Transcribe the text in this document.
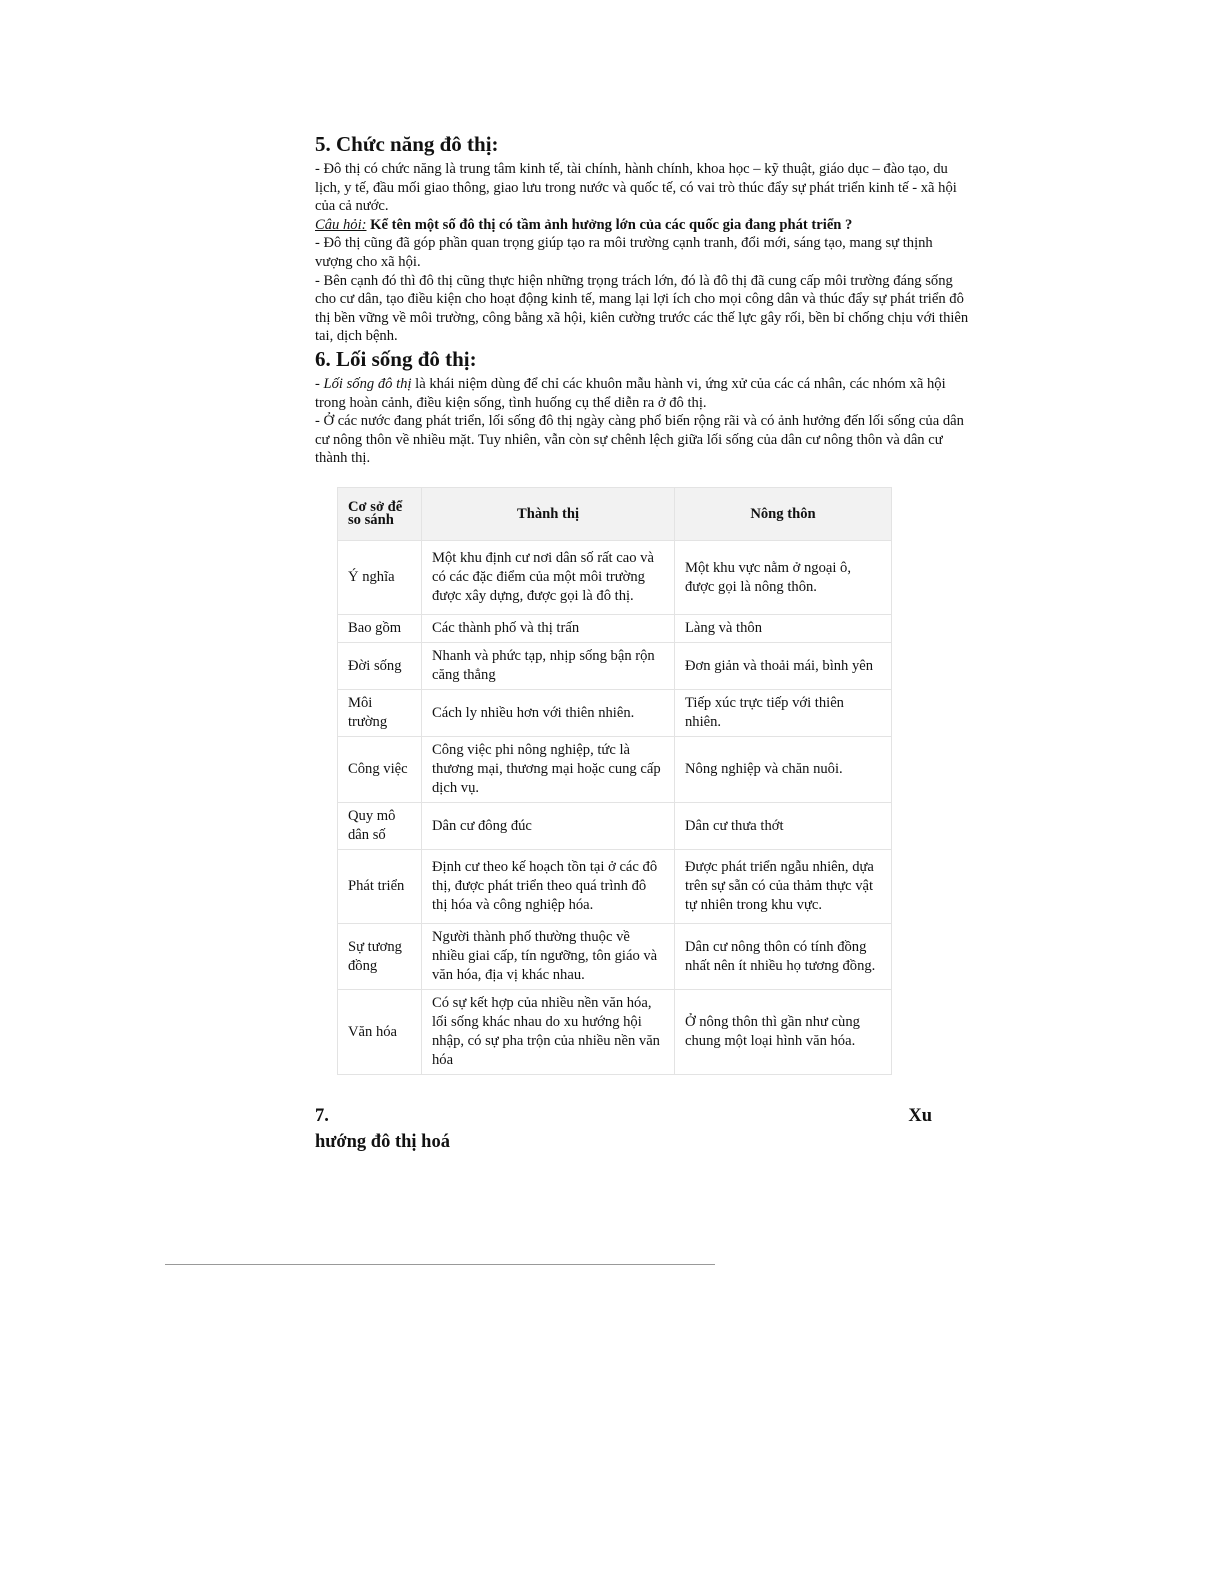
5. Chức năng đô thị:

- Đô thị có chức năng là trung tâm kinh tế, tài chính, hành chính, khoa học – kỹ thuật, giáo dục – đào tạo, du lịch, y tế, đầu mối giao thông, giao lưu trong nước và quốc tế, có vai trò thúc đẩy sự phát triển kinh tế - xã hội của cả nước.

Câu hỏi: Kể tên một số đô thị có tầm ảnh hưởng lớn của các quốc gia đang phát triển ?

- Đô thị cũng đã góp phần quan trọng giúp tạo ra môi trường cạnh tranh, đổi mới, sáng tạo, mang sự thịnh vượng cho xã hội.

- Bên cạnh đó thì đô thị cũng thực hiện những trọng trách lớn, đó là đô thị đã cung cấp môi trường đáng sống cho cư dân, tạo điều kiện cho hoạt động kinh tế, mang lại lợi ích cho mọi công dân và thúc đẩy sự phát triển đô thị bền vững về môi trường, công bằng xã hội, kiên cường trước các thế lực gây rối, bền bỉ chống chịu với thiên tai, dịch bệnh.

6. Lối sống đô thị:

- Lối sống đô thị là khái niệm dùng để chỉ các khuôn mẫu hành vi, ứng xử của các cá nhân, các nhóm xã hội trong hoàn cảnh, điều kiện sống, tình huống cụ thể diễn ra ở đô thị.

- Ở các nước đang phát triển, lối sống đô thị ngày càng phổ biến rộng rãi và có ảnh hưởng đến lối sống của dân cư nông thôn về nhiều mặt. Tuy nhiên, vẫn còn sự chênh lệch giữa lối sống của dân cư nông thôn và dân cư thành thị.

Cơ sở để so sánh	Thành thị	Nông thôn
Ý nghĩa	Một khu định cư nơi dân số rất cao và có các đặc điểm của một môi trường được xây dựng, được gọi là đô thị.	Một khu vực nằm ở ngoại ô, được gọi là nông thôn.
Bao gồm	Các thành phố và thị trấn	Làng và thôn
Đời sống	Nhanh và phức tạp, nhịp sống bận rộn căng thẳng	Đơn giản và thoải mái, bình yên
Môi trường	Cách ly nhiều hơn với thiên nhiên.	Tiếp xúc trực tiếp với thiên nhiên.
Công việc	Công việc phi nông nghiệp, tức là thương mại, thương mại hoặc cung cấp dịch vụ.	Nông nghiệp và chăn nuôi.
Quy mô dân số	Dân cư đông đúc	Dân cư thưa thớt
Phát triển	Định cư theo kế hoạch tồn tại ở các đô thị, được phát triển theo quá trình đô thị hóa và công nghiệp hóa.	Được phát triển ngẫu nhiên, dựa trên sự sẵn có của thảm thực vật tự nhiên trong khu vực.
Sự tương đồng	Người thành phố thường thuộc về nhiều giai cấp, tín ngưỡng, tôn giáo và văn hóa, địa vị khác nhau.	Dân cư nông thôn có tính đồng nhất nên ít nhiều họ tương đồng.
Văn hóa	Có sự kết hợp của nhiều nền văn hóa, lối sống khác nhau do xu hướng hội nhập, có sự pha trộn của nhiều nền văn hóa	Ở nông thôn thì gần như cùng chung một loại hình văn hóa.
7.	Xu
hướng đô thị hoá
